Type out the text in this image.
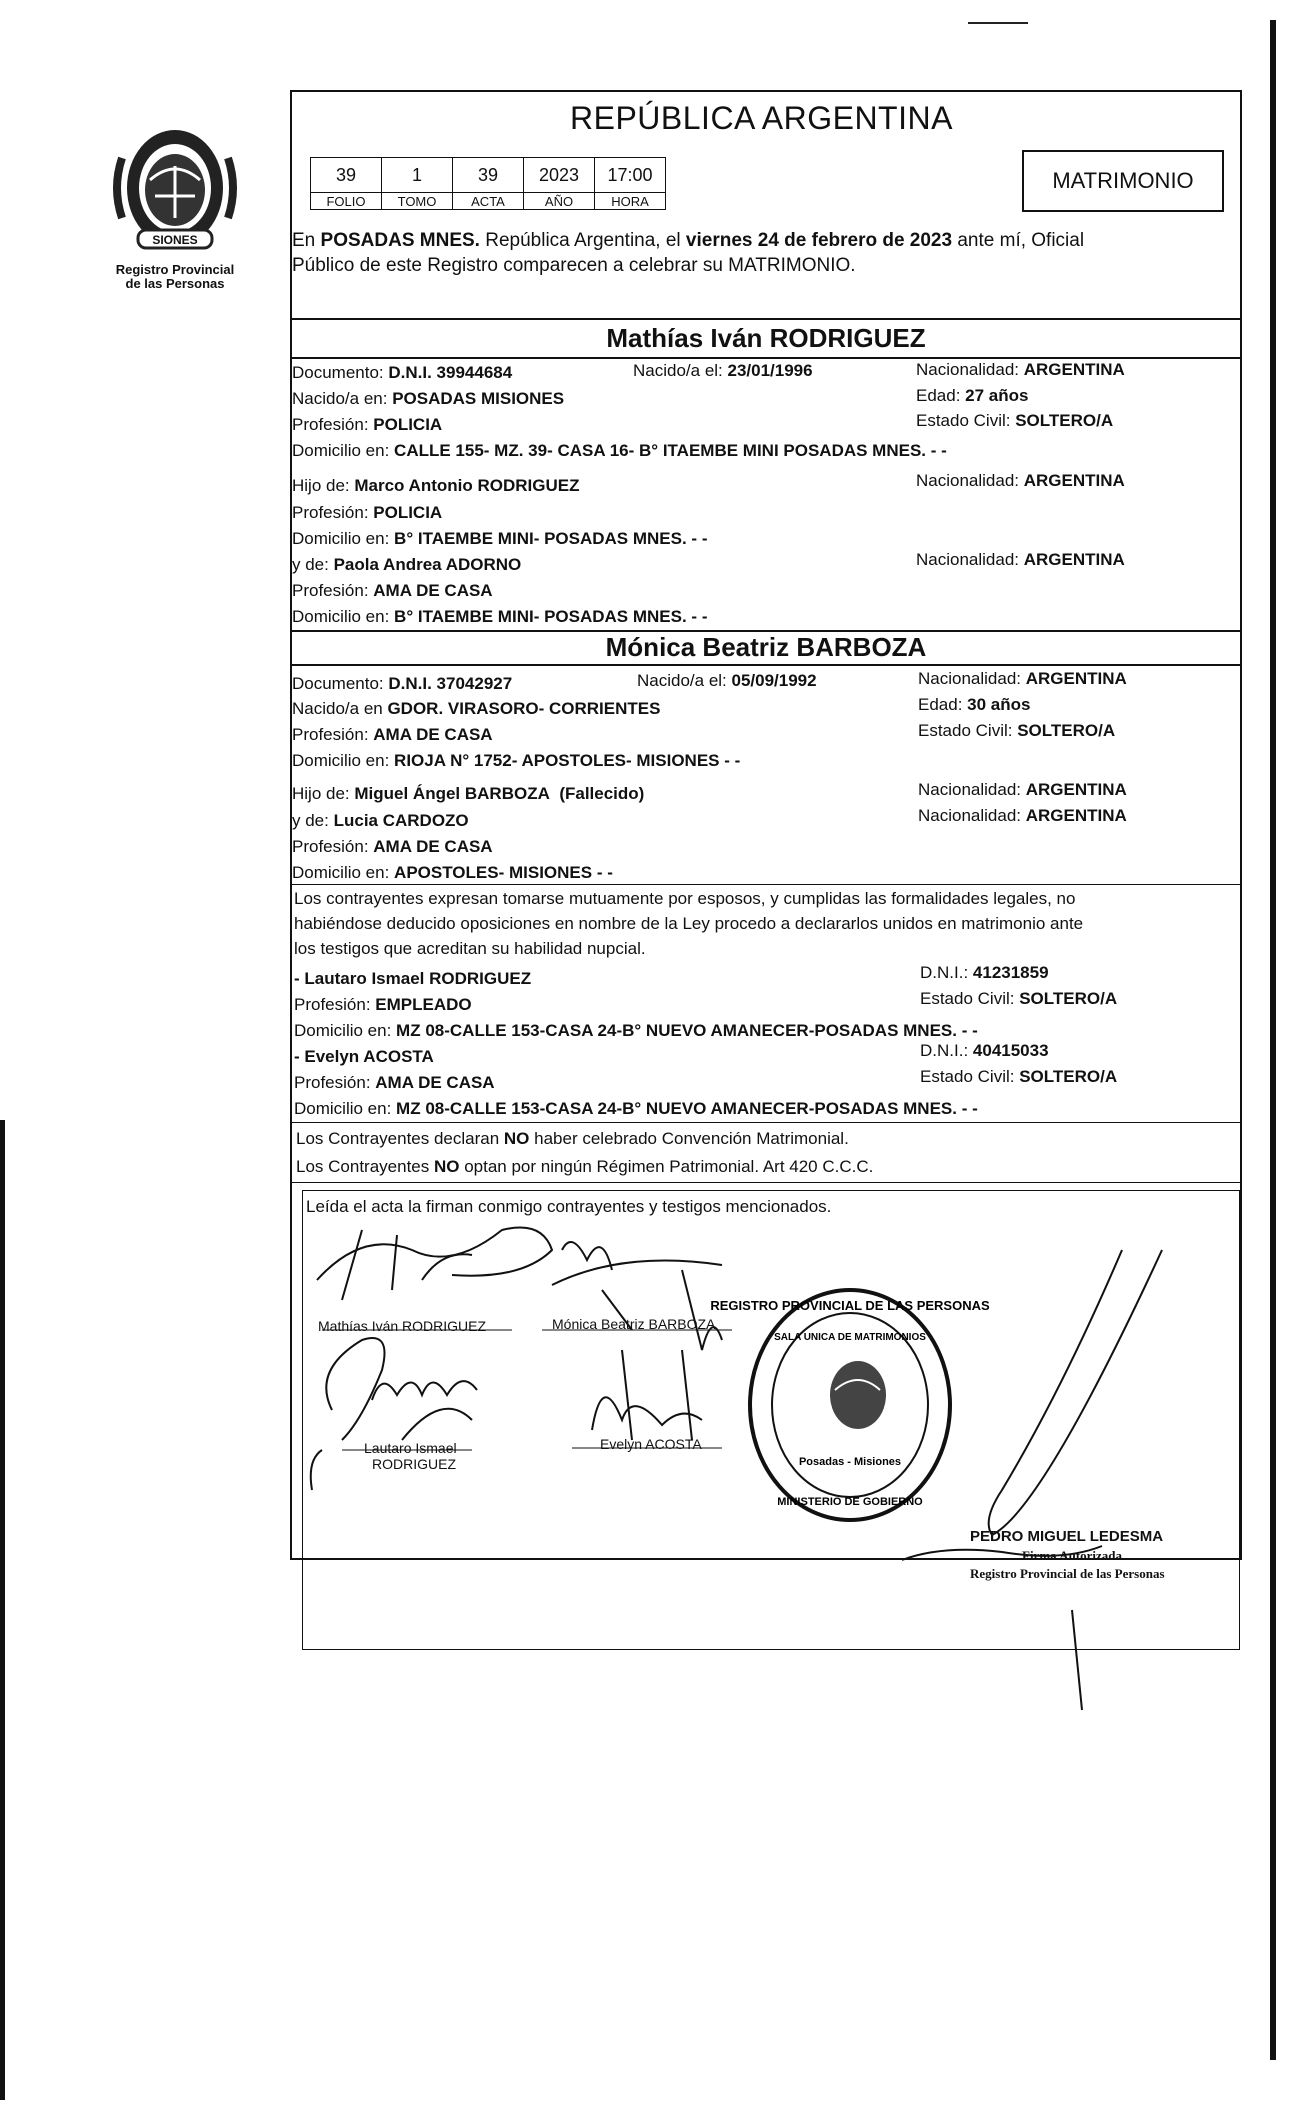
SIONES
Registro Provincial
de las Personas
REPÚBLICA ARGENTINA
39	1	39	2023	17:00
FOLIO	TOMO	ACTA	AÑO	HORA
MATRIMONIO
En POSADAS MNES. República Argentina, el viernes 24 de febrero de 2023 ante mí, Oficial
Público de este Registro comparecen a celebrar su MATRIMONIO.
Mathías Iván RODRIGUEZ
Documento: D.N.I. 39944684	Nacido/a el: 23/01/1996	Nacionalidad: ARGENTINA
Nacido/a en: POSADAS MISIONES	Edad: 27 años
Profesión: POLICIA	Estado Civil: SOLTERO/A
Domicilio en: CALLE 155- MZ. 39- CASA 16- B° ITAEMBE MINI POSADAS MNES. - -
Hijo de: Marco Antonio RODRIGUEZ	Nacionalidad: ARGENTINA
Profesión: POLICIA
Domicilio en: B° ITAEMBE MINI- POSADAS MNES. - -
y de: Paola Andrea ADORNO	Nacionalidad: ARGENTINA
Profesión: AMA DE CASA
Domicilio en: B° ITAEMBE MINI- POSADAS MNES. - -
Mónica Beatriz BARBOZA
Documento: D.N.I. 37042927	Nacido/a el: 05/09/1992	Nacionalidad: ARGENTINA
Nacido/a en GDOR. VIRASORO- CORRIENTES	Edad: 30 años
Profesión: AMA DE CASA	Estado Civil: SOLTERO/A
Domicilio en: RIOJA N° 1752- APOSTOLES- MISIONES - -
Hijo de: Miguel Ángel BARBOZA (Fallecido)	Nacionalidad: ARGENTINA
y de: Lucia CARDOZO	Nacionalidad: ARGENTINA
Profesión: AMA DE CASA
Domicilio en: APOSTOLES- MISIONES - -
Los contrayentes expresan tomarse mutuamente por esposos, y cumplidas las formalidades legales, no
habiéndose deducido oposiciones en nombre de la Ley procedo a declararlos unidos en matrimonio ante
los testigos que acreditan su habilidad nupcial.
- Lautaro Ismael RODRIGUEZ	D.N.I.: 41231859
Profesión: EMPLEADO	Estado Civil: SOLTERO/A
Domicilio en: MZ 08-CALLE 153-CASA 24-B° NUEVO AMANECER-POSADAS MNES. - -
- Evelyn ACOSTA	D.N.I.: 40415033
Profesión: AMA DE CASA	Estado Civil: SOLTERO/A
Domicilio en: MZ 08-CALLE 153-CASA 24-B° NUEVO AMANECER-POSADAS MNES. - -
Los Contrayentes declaran NO haber celebrado Convención Matrimonial.
Los Contrayentes NO optan por ningún Régimen Patrimonial. Art 420 C.C.C.
Leída el acta la firman conmigo contrayentes y testigos mencionados.
Mathías Iván RODRIGUEZ	Mónica Beatriz BARBOZA
Lautaro Ismael
RODRIGUEZ
Evelyn ACOSTA
REGISTRO PROVINCIAL DE LAS PERSONAS
SALA UNICA DE MATRIMONIOS
Posadas - Misiones
MINISTERIO DE GOBIERNO
PEDRO MIGUEL LEDESMA
Firma Autorizada
Registro Provincial de las Personas
